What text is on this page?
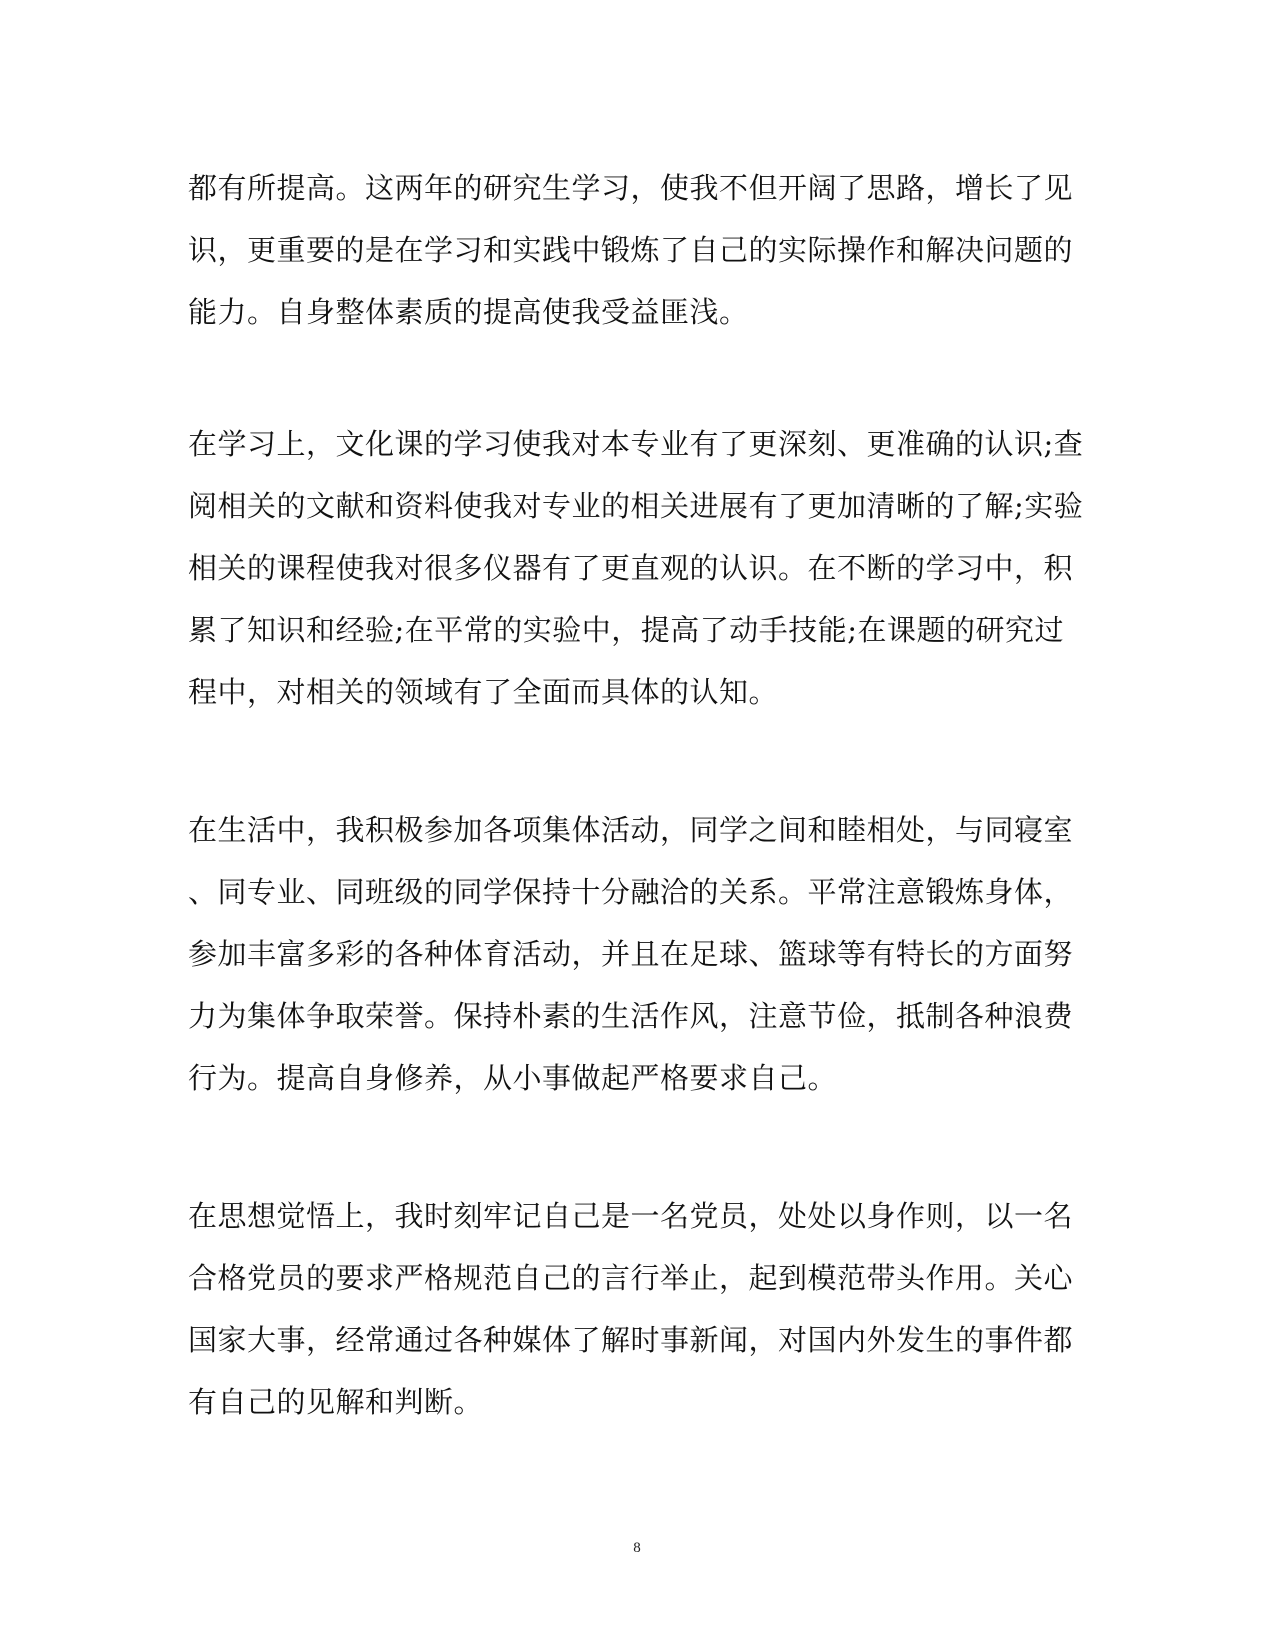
都有所提高。这两年的研究生学习，使我不但开阔了思路，增长了见
识，更重要的是在学习和实践中锻炼了自己的实际操作和解决问题的
能力。自身整体素质的提高使我受益匪浅。
在学习上，文化课的学习使我对本专业有了更深刻、更准确的认识;查
阅相关的文献和资料使我对专业的相关进展有了更加清晰的了解;实验
相关的课程使我对很多仪器有了更直观的认识。在不断的学习中，积
累了知识和经验;在平常的实验中，提高了动手技能;在课题的研究过
程中，对相关的领域有了全面而具体的认知。
在生活中，我积极参加各项集体活动，同学之间和睦相处，与同寝室
、同专业、同班级的同学保持十分融洽的关系。平常注意锻炼身体，
参加丰富多彩的各种体育活动，并且在足球、篮球等有特长的方面努
力为集体争取荣誉。保持朴素的生活作风，注意节俭，抵制各种浪费
行为。提高自身修养，从小事做起严格要求自己。
在思想觉悟上，我时刻牢记自己是一名党员，处处以身作则，以一名
合格党员的要求严格规范自己的言行举止，起到模范带头作用。关心
国家大事，经常通过各种媒体了解时事新闻，对国内外发生的事件都
有自己的见解和判断。
8
